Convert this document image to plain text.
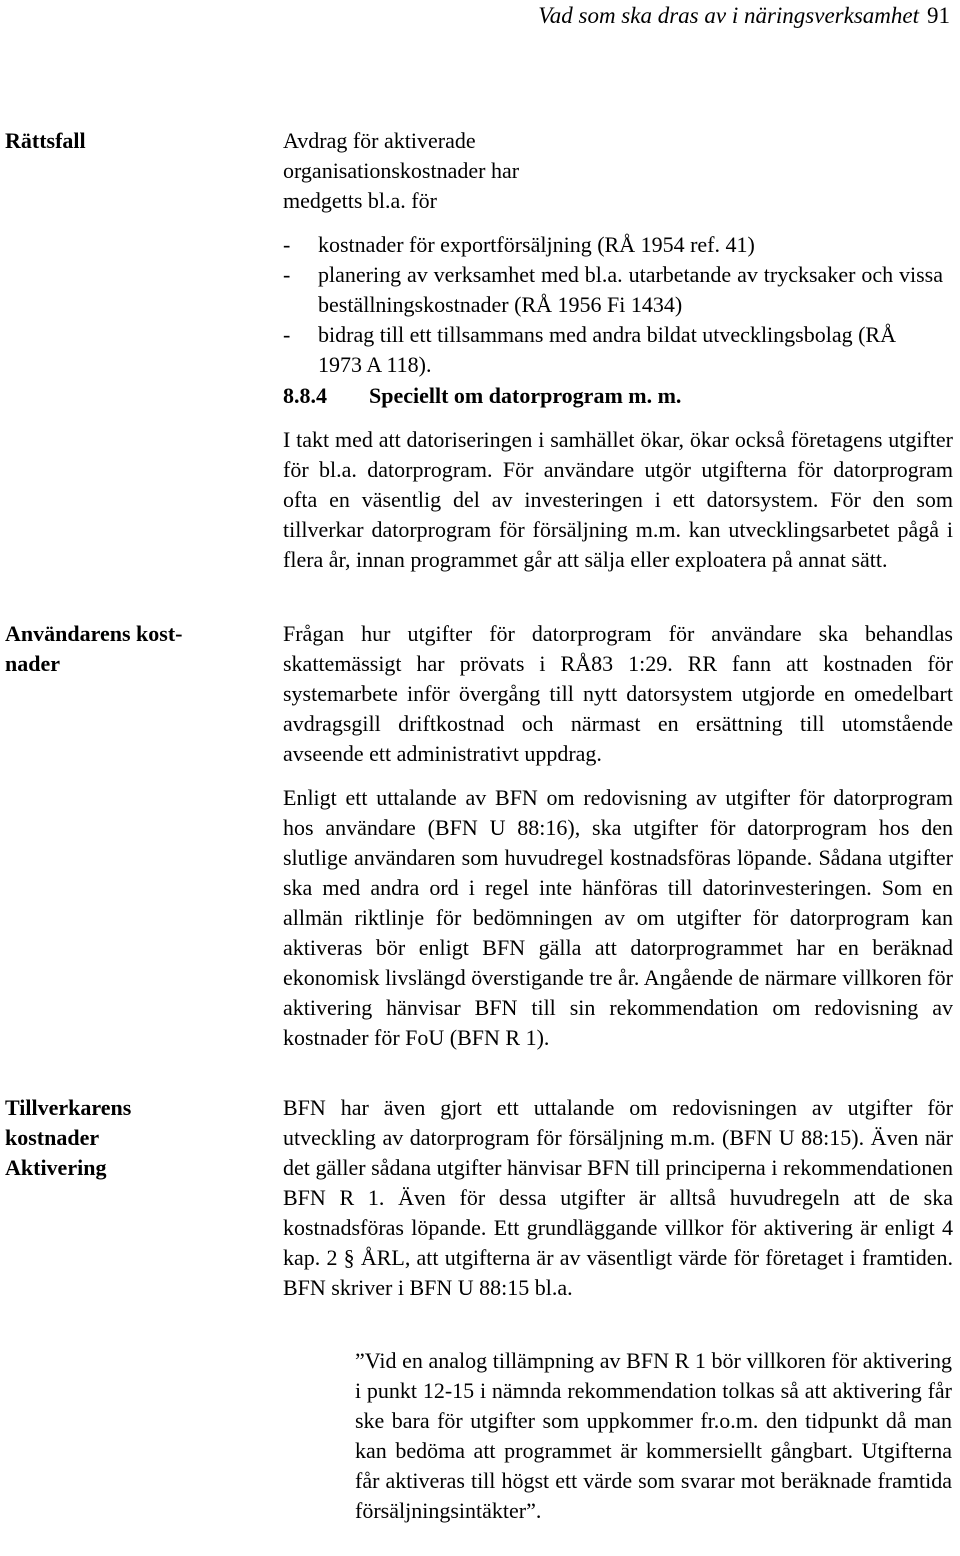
Vad som ska dras av i näringsverksamhet 91
Rättsfall
Användarens kost-
nader
Tillverkarens
kostnader
Aktivering

Avdrag för aktiverade organisationskostnader har medgetts bl.a. för

-	kostnader för exportförsäljning (RÅ 1954 ref. 41)
-	planering av verksamhet med bl.a. utarbetande av trycksaker och vissa beställningskostnader (RÅ 1956 Fi 1434)
-	bidrag till ett tillsammans med andra bildat utvecklingsbolag (RÅ 1973 A 118).
8.8.4 Speciellt om datorprogram m. m.

I takt med att datoriseringen i samhället ökar, ökar också företagens utgifter för bl.a. datorprogram. För användare utgör utgifterna för datorprogram ofta en väsentlig del av investeringen i ett datorsystem. För den som tillverkar datorprogram för försäljning m.m. kan utvecklingsarbetet pågå i flera år, innan programmet går att sälja eller exploatera på annat sätt.

Frågan hur utgifter för datorprogram för användare ska behandlas skattemässigt har prövats i RÅ83 1:29. RR fann att kostnaden för systemarbete inför övergång till nytt datorsystem utgjorde en omedelbart avdragsgill driftkostnad och närmast en ersättning till utomstående avseende ett administrativt uppdrag.

Enligt ett uttalande av BFN om redovisning av utgifter för datorprogram hos användare (BFN U 88:16), ska utgifter för datorprogram hos den slutlige användaren som huvudregel kostnadsföras löpande. Sådana utgifter ska med andra ord i regel inte hänföras till datorinvesteringen. Som en allmän riktlinje för bedömningen av om utgifter för datorprogram kan aktiveras bör enligt BFN gälla att datorprogrammet har en beräknad ekonomisk livslängd överstigande tre år. Angående de närmare villkoren för aktivering hänvisar BFN till sin rekommendation om redovisning av kostnader för FoU (BFN R 1).

BFN har även gjort ett uttalande om redovisningen av utgifter för utveckling av datorprogram för försäljning m.m. (BFN U 88:15). Även när det gäller sådana utgifter hänvisar BFN till principerna i rekommendationen BFN R 1. Även för dessa utgifter är alltså huvudregeln att de ska kostnadsföras löpande. Ett grundläggande villkor för aktivering är enligt 4 kap. 2 § ÅRL, att utgifterna är av väsentligt värde för företaget i framtiden. BFN skriver i BFN U 88:15 bl.a.

”Vid en analog tillämpning av BFN R 1 bör villkoren för aktivering i punkt 12-15 i nämnda rekommendation tolkas så att aktivering får ske bara för utgifter som uppkommer fr.o.m. den tidpunkt då man kan bedöma att programmet är kommersiellt gångbart. Utgifterna får aktiveras till högst ett värde som svarar mot beräknade framtida försäljningsintäkter”.
